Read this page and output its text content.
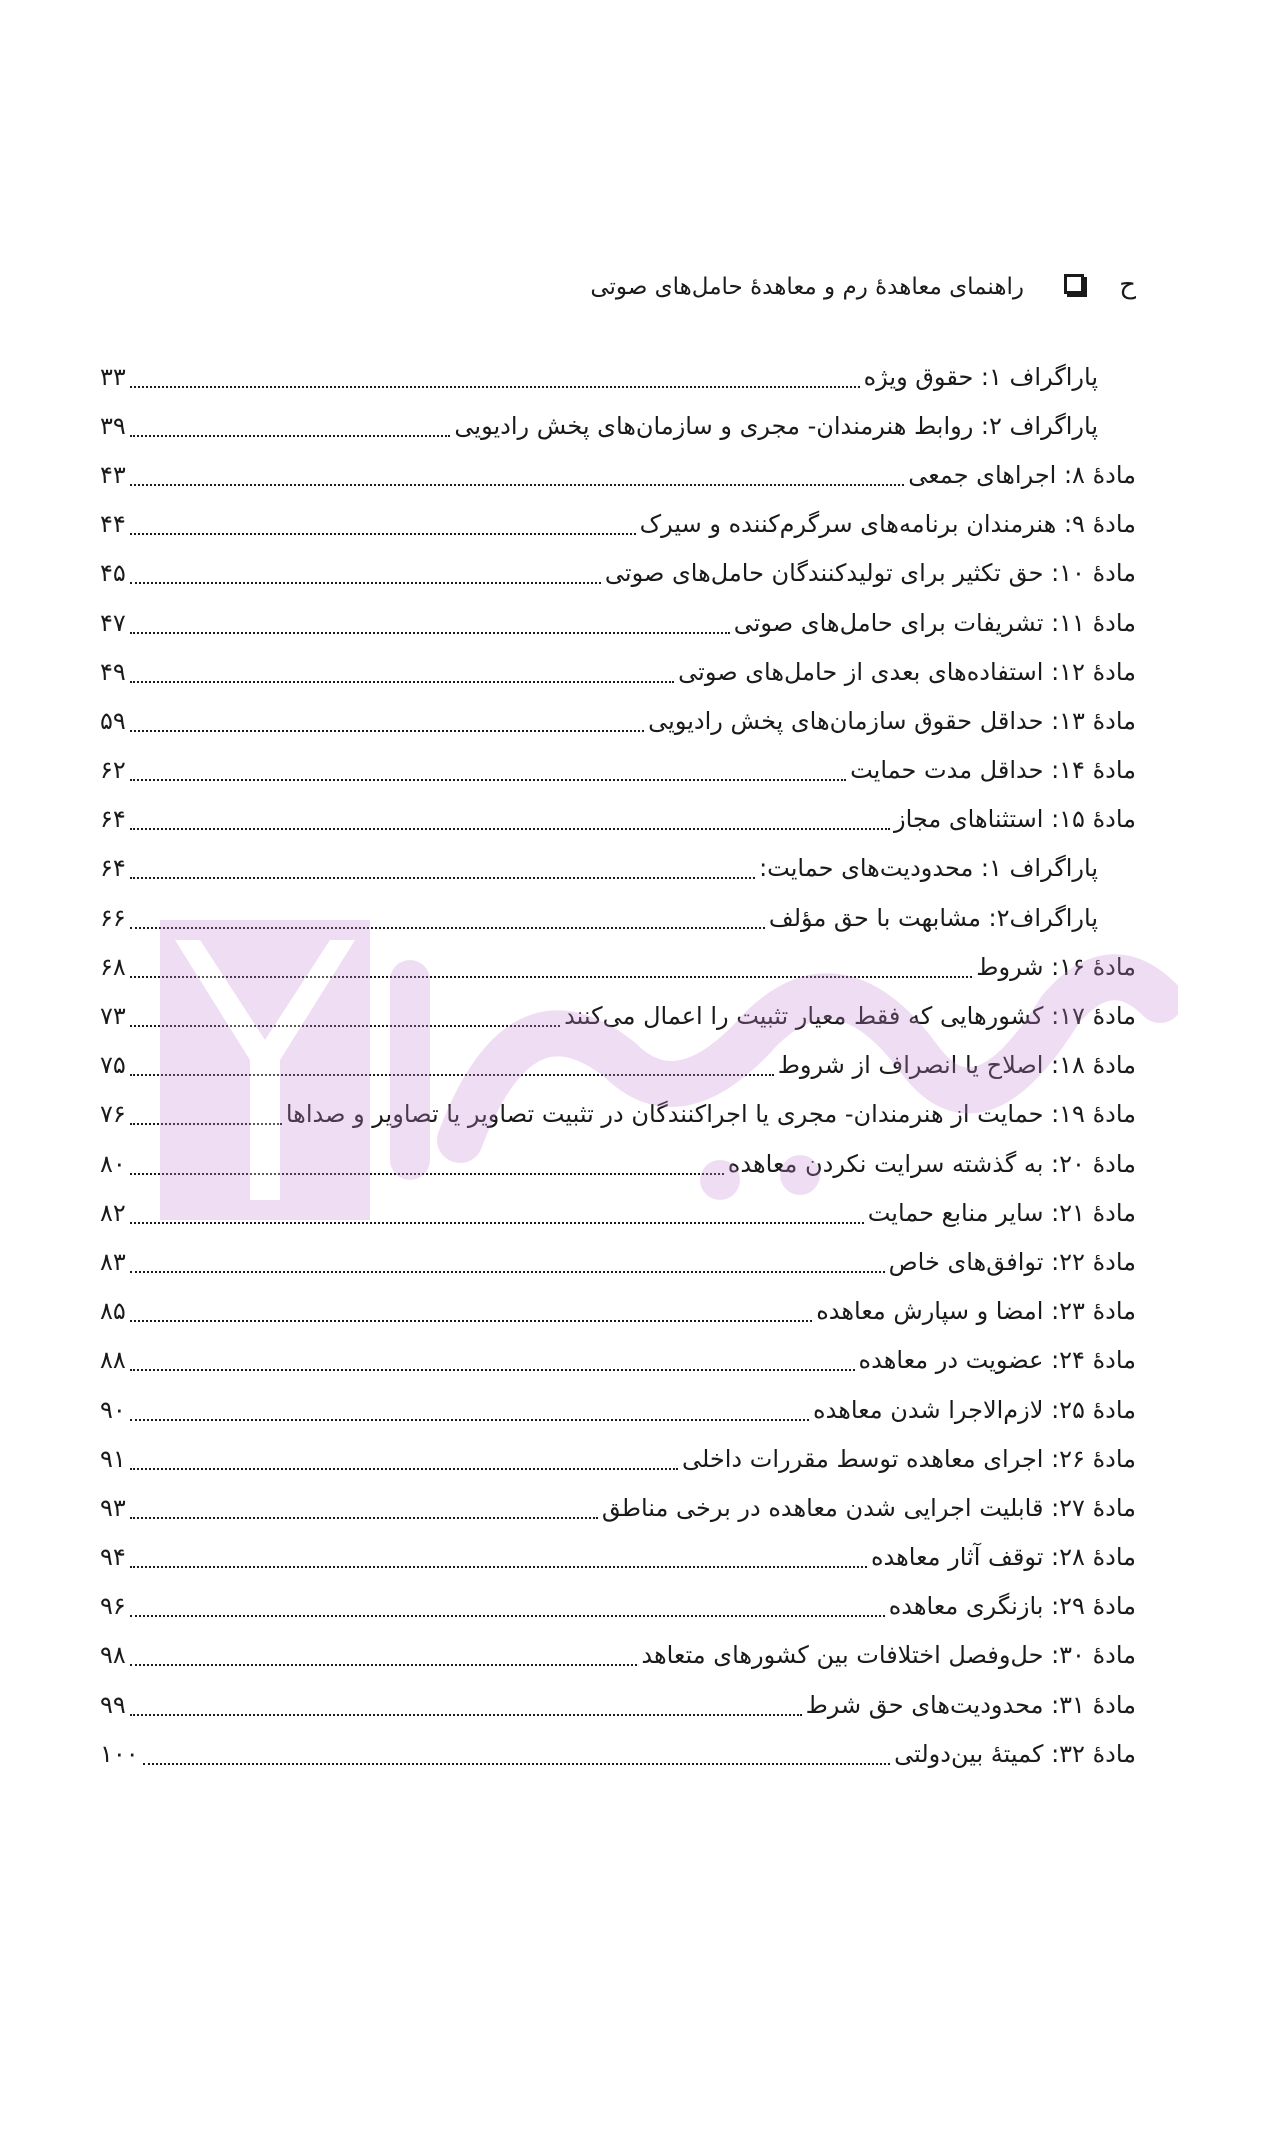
ح
راهنمای معاهدۀ رم و معاهدۀ حامل‌های صوتی
پاراگراف ۱: حقوق ویژه
۳۳
پاراگراف ۲: روابط هنرمندان- مجری و سازمان‌های پخش رادیویی
۳۹
مادۀ ۸: اجراهای جمعی
۴۳
مادۀ ۹: هنرمندان برنامه‌های سرگرم‌کننده و سیرک
۴۴
مادۀ ۱۰: حق تکثیر برای تولیدکنندگان حامل‌های صوتی
۴۵
مادۀ ۱۱: تشریفات برای حامل‌های صوتی
۴۷
مادۀ ۱۲: استفاده‌های بعدی از حامل‌های صوتی
۴۹
مادۀ ۱۳: حداقل حقوق سازمان‌های پخش رادیویی
۵۹
مادۀ ۱۴: حداقل مدت حمایت
۶۲
مادۀ ۱۵: استثناهای مجاز
۶۴
پاراگراف ۱: محدودیت‌های حمایت:
۶۴
پاراگراف۲: مشابهت با حق مؤلف
۶۶
مادۀ ۱۶: شروط
۶۸
مادۀ ۱۷: کشورهایی که فقط معیار تثبیت را اعمال می‌کنند
۷۳
مادۀ ۱۸: اصلاح یا انصراف از شروط
۷۵
مادۀ ۱۹: حمایت از هنرمندان- مجری یا اجراکنندگان در تثبیت تصاویر یا تصاویر و صداها
۷۶
مادۀ ۲۰: به گذشته سرایت نکردن معاهده
۸۰
مادۀ ۲۱: سایر منابع حمایت
۸۲
مادۀ ۲۲: توافق‌های خاص
۸۳
مادۀ ۲۳: امضا و سپارش معاهده
۸۵
مادۀ ۲۴: عضویت در معاهده
۸۸
مادۀ ۲۵: لازم‌الاجرا شدن معاهده
۹۰
مادۀ ۲۶: اجرای معاهده توسط مقررات داخلی
۹۱
مادۀ ۲۷: قابلیت اجرایی شدن معاهده در برخی مناطق
۹۳
مادۀ ۲۸: توقف آثار معاهده
۹۴
مادۀ ۲۹: بازنگری معاهده
۹۶
مادۀ ۳۰: حل‌وفصل اختلافات بین کشورهای متعاهد
۹۸
مادۀ ۳۱: محدودیت‌های حق شرط
۹۹
مادۀ ۳۲: کمیتۀ بین‌دولتی
۱۰۰
